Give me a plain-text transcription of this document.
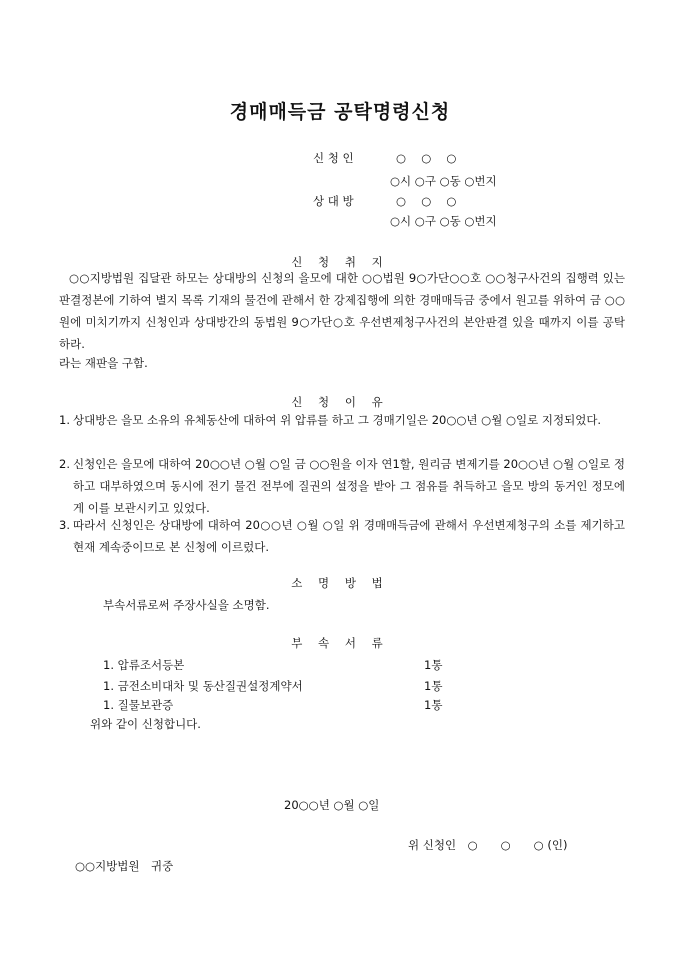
경매매득금 공탁명령신청
신 청 인	○　 ○　 ○
○시 ○구 ○동 ○번지
상 대 방	○　 ○　 ○
○시 ○구 ○동 ○번지
신 청 취 지
○○지방법원 집달관 하모는 상대방의 신청의 을모에 대한 ○○법원 9○가단○○호 ○○청구사건의 집행력 있는 판결정본에 기하여 별지 목록 기재의 물건에 관해서 한 강제집행에 의한 경매매득금 중에서 원고를 위하여 금 ○○원에 미치기까지 신청인과 상대방간의 동법원 9○가단○호 우선변제청구사건의 본안판결 있을 때까지 이를 공탁하라.
라는 재판을 구함.
신 청 이 유
1. 상대방은 을모 소유의 유체동산에 대하여 위 압류를 하고 그 경매기일은 20○○년 ○월 ○일로 지정되었다.
2. 신청인은 을모에 대하여 20○○년 ○월 ○일 금 ○○원을 이자 연1할, 원리금 변제기를 20○○년 ○월 ○일로 정하고 대부하였으며 동시에 전기 물건 전부에 질권의 설정을 받아 그 점유를 취득하고 을모 방의 동거인 정모에게 이를 보관시키고 있었다.
3. 따라서 신청인은 상대방에 대하여 20○○년 ○월 ○일 위 경매매득금에 관해서 우선변제청구의 소를 제기하고 현재 계속중이므로 본 신청에 이르렀다.
소 명 방 법
부속서류로써 주장사실을 소명함.
부 속 서 류
1. 압류조서등본	1통
1. 금전소비대차 및 동산질권설정계약서	1통
1. 질물보관증	1통
위와 같이 신청합니다.
20○○년 ○월 ○일
위 신청인　○　　○　　○ (인)
○○지방법원　귀중
